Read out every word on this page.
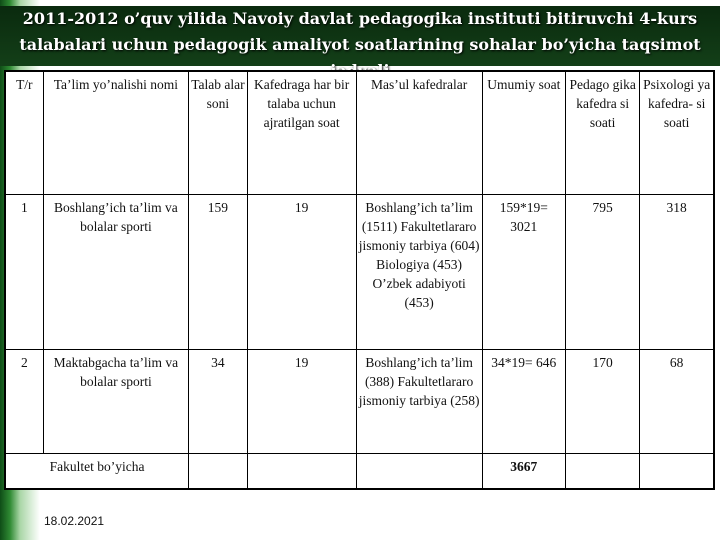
2011-2012 o’quv yilida Navoiy davlat pedagogika instituti bitiruvchi 4-kurs
talabalari uchun pedagogik amaliyot soatlarining sohalar bo’yicha taqsimot
T/r	Ta’lim yo’nalishi nomi	Talab alar soni	Kafedraga har bir talaba uchun ajratilgan soat	Mas’ul kafedralar	Umumiy soat	Pedago gika kafedra si soati	Psixologi ya kafedra- si soati
1	Boshlang’ich ta’lim va bolalar sporti	159	19	Boshlang’ich ta’lim (1511) Fakultetlararo jismoniy tarbiya (604) Biologiya (453) O’zbek adabiyoti (453)	159*19= 3021	795	318
2	Maktabgacha ta’lim va bolalar sporti	34	19	Boshlang’ich ta’lim (388) Fakultetlararo jismoniy tarbiya (258)	34*19= 646	170	68
Fakultet bo’yicha					3667		
18.02.2021
